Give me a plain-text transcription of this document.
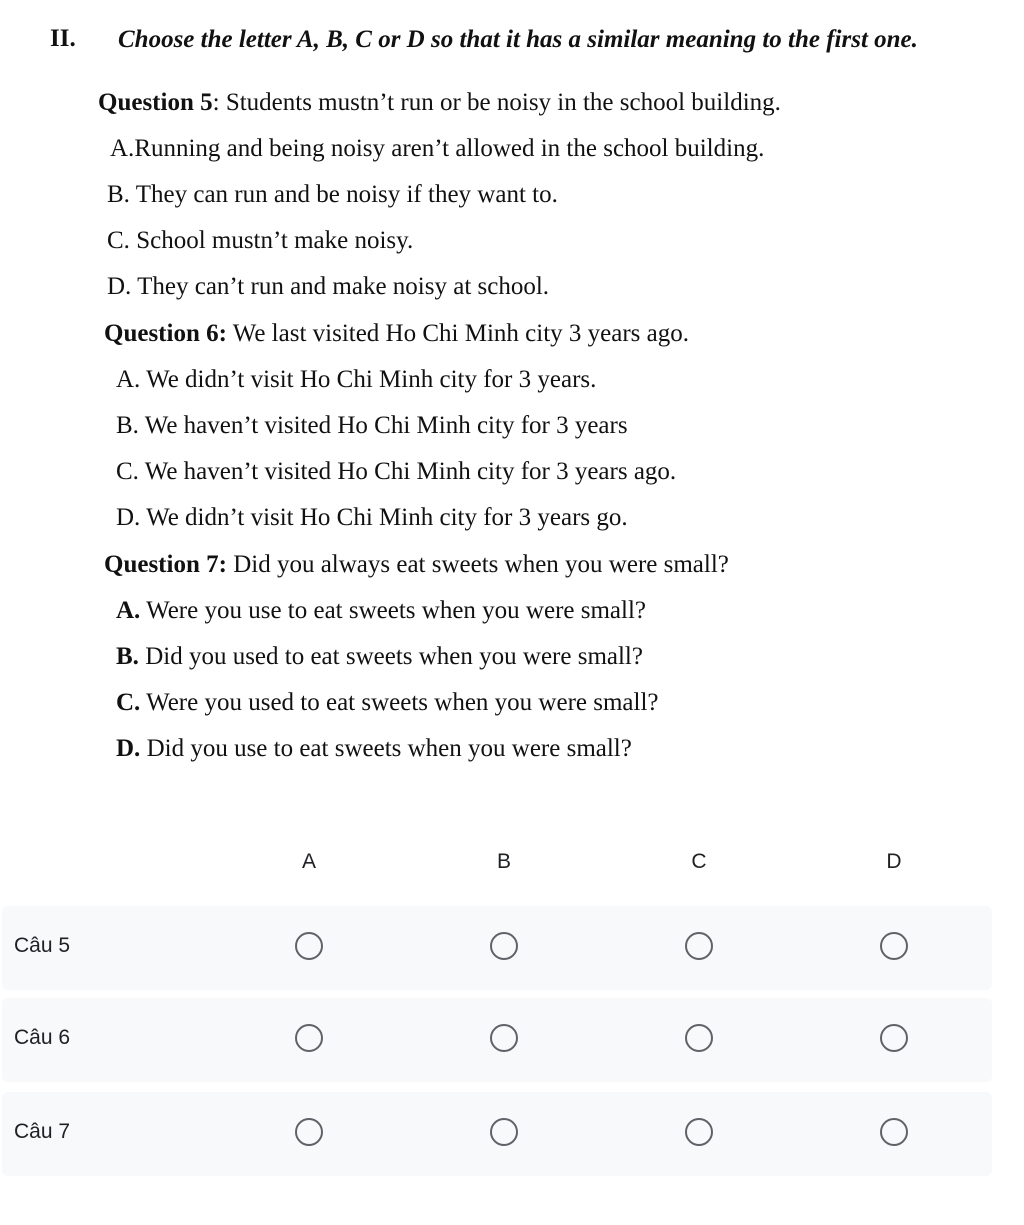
II.	Choose the letter A, B, C or D so that it has a similar meaning to the first one.
Question 5: Students mustn’t run or be noisy in the school building.
A.Running and being noisy aren’t allowed in the school building.
B. They can run and be noisy if they want to.
C. School mustn’t make noisy.
D. They can’t run and make noisy at school.
Question 6: We last visited Ho Chi Minh city 3 years ago.
A. We didn’t visit Ho Chi Minh city for 3 years.
B. We haven’t visited Ho Chi Minh city for 3 years
C. We haven’t visited Ho Chi Minh city for 3 years ago.
D. We didn’t visit Ho Chi Minh city for 3 years go.
Question 7: Did you always eat sweets when you were small?
A. Were you use to eat sweets when you were small?
B. Did you used to eat sweets when you were small?
C. Were you used to eat sweets when you were small?
D. Did you use to eat sweets when you were small?
A	B	C	D
Câu 5
Câu 6
Câu 7
